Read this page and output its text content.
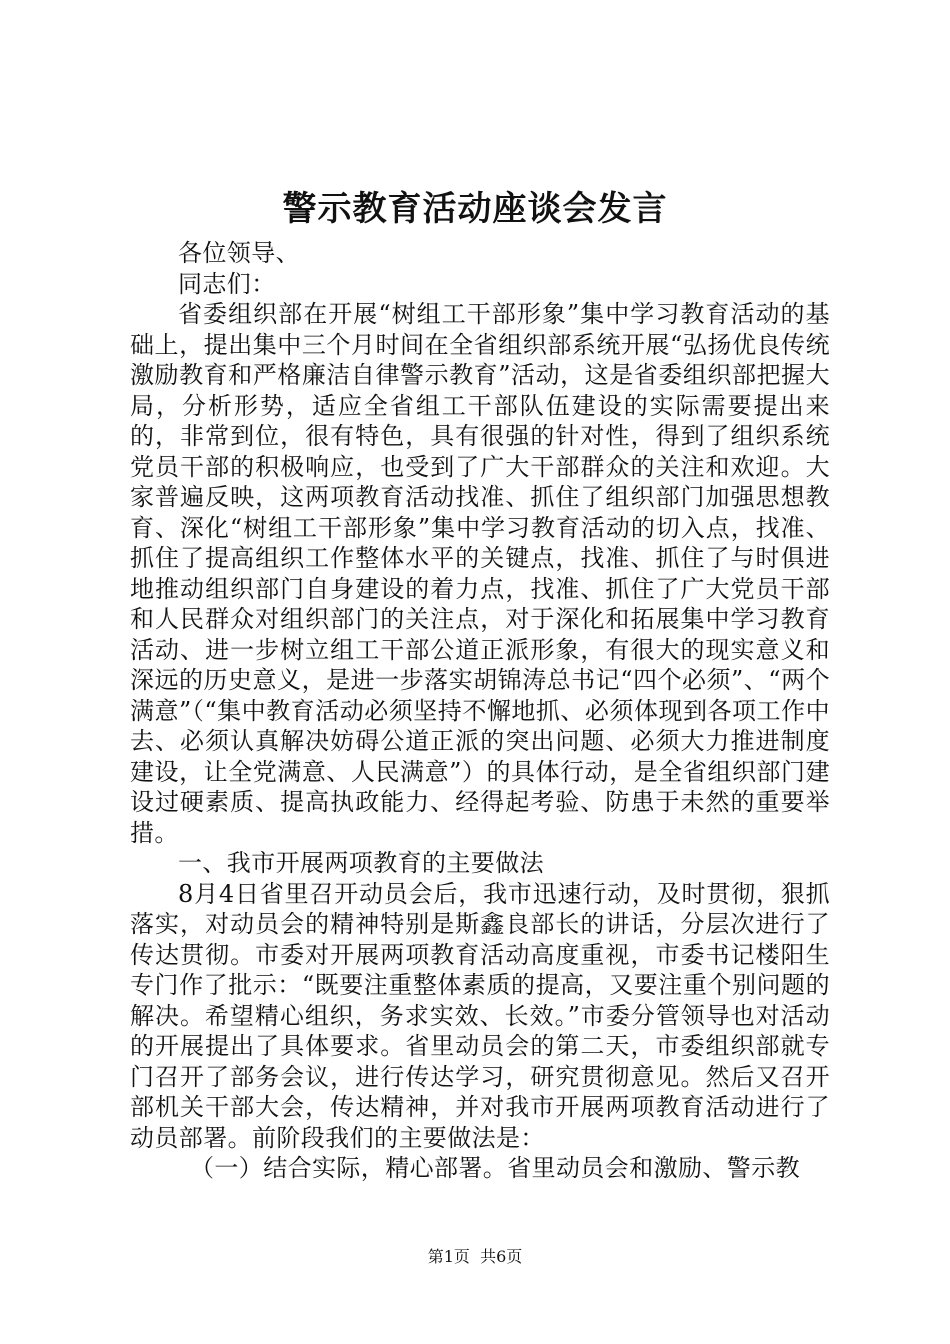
警示教育活动座谈会发言

各位领导、

同志们：

省委组织部在开展“树组工干部形象”集中学习教育活动的基础上，提出集中三个月时间在全省组织部系统开展“弘扬优良传统激励教育和严格廉洁自律警示教育”活动，这是省委组织部把握大局，分析形势，适应全省组工干部队伍建设的实际需要提出来的，非常到位，很有特色，具有很强的针对性，得到了组织系统党员干部的积极响应，也受到了广大干部群众的关注和欢迎。大家普遍反映，这两项教育活动找准、抓住了组织部门加强思想教育、深化“树组工干部形象”集中学习教育活动的切入点，找准、抓住了提高组织工作整体水平的关键点，找准、抓住了与时俱进地推动组织部门自身建设的着力点，找准、抓住了广大党员干部和人民群众对组织部门的关注点，对于深化和拓展集中学习教育活动、进一步树立组工干部公道正派形象，有很大的现实意义和深远的历史意义，是进一步落实胡锦涛总书记“四个必须”、“两个满意”（“集中教育活动必须坚持不懈地抓、必须体现到各项工作中去、必须认真解决妨碍公道正派的突出问题、必须大力推进制度建设，让全党满意、人民满意”）的具体行动，是全省组织部门建设过硬素质、提高执政能力、经得起考验、防患于未然的重要举措。

一、我市开展两项教育的主要做法

8月4日省里召开动员会后，我市迅速行动，及时贯彻，狠抓落实，对动员会的精神特别是斯鑫良部长的讲话，分层次进行了传达贯彻。市委对开展两项教育活动高度重视，市委书记楼阳生专门作了批示：“既要注重整体素质的提高，又要注重个别问题的解决。希望精心组织，务求实效、长效。”市委分管领导也对活动的开展提出了具体要求。省里动员会的第二天，市委组织部就专门召开了部务会议，进行传达学习，研究贯彻意见。然后又召开部机关干部大会，传达精神，并对我市开展两项教育活动进行了动员部署。前阶段我们的主要做法是：

（一）结合实际，精心部署。省里动员会和激励、警示教

第1页 共6页
